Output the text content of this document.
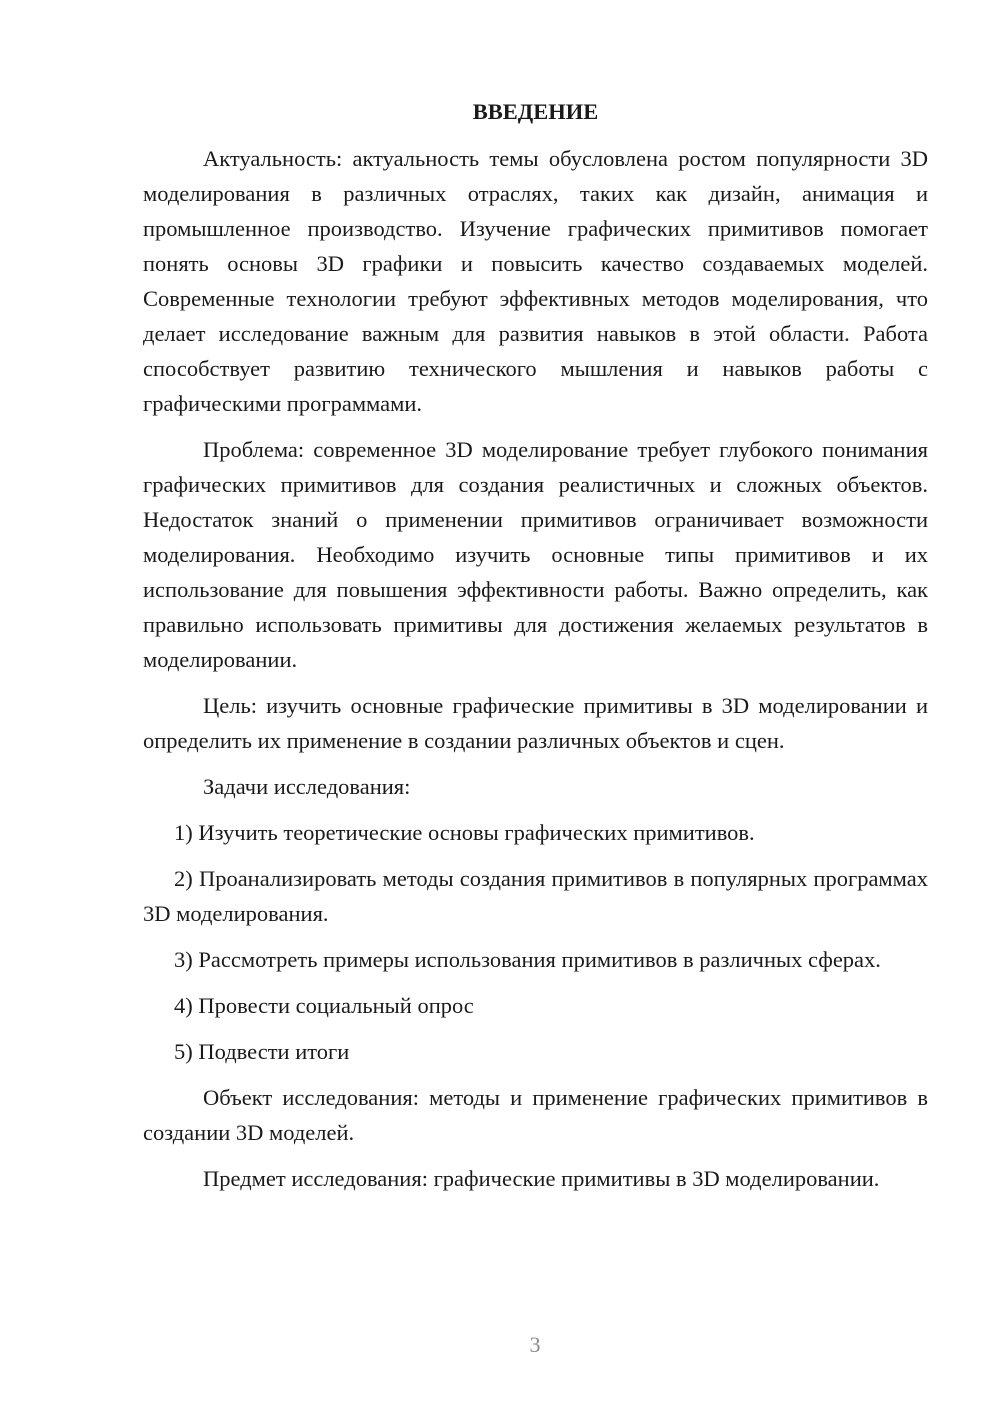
ВВЕДЕНИЕ

Актуальность: актуальность темы обусловлена ростом популярности 3D моделирования в различных отраслях, таких как дизайн, анимация и промышленное производство. Изучение графических примитивов помогает понять основы 3D графики и повысить качество создаваемых моделей. Современные технологии требуют эффективных методов моделирования, что делает исследование важным для развития навыков в этой области. Работа способствует развитию технического мышления и навыков работы с графическими программами.

Проблема: современное 3D моделирование требует глубокого понимания графических примитивов для создания реалистичных и сложных объектов. Недостаток знаний о применении примитивов ограничивает возможности моделирования. Необходимо изучить основные типы примитивов и их использование для повышения эффективности работы. Важно определить, как правильно использовать примитивы для достижения желаемых результатов в моделировании.

Цель: изучить основные графические примитивы в 3D моделировании и определить их применение в создании различных объектов и сцен.

Задачи исследования:

1) Изучить теоретические основы графических примитивов.

2) Проанализировать методы создания примитивов в популярных программах 3D моделирования.

3) Рассмотреть примеры использования примитивов в различных сферах.

4) Провести социальный опрос

5) Подвести итоги

Объект исследования: методы и применение графических примитивов в создании 3D моделей.

Предмет исследования: графические примитивы в 3D моделировании.

3
